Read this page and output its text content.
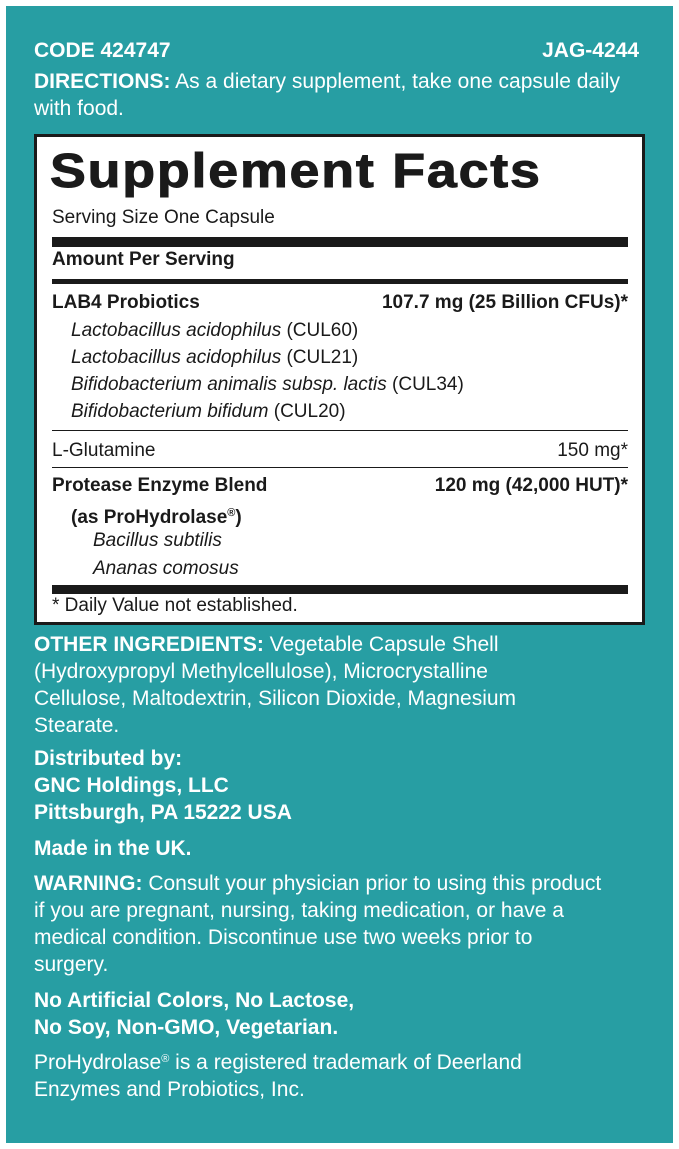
CODE 424747	JAG-4244
DIRECTIONS: As a dietary supplement, take one capsule daily with food.
Supplement Facts
Serving Size One Capsule
Amount Per Serving
LAB4 Probiotics	107.7 mg (25 Billion CFUs)*
Lactobacillus acidophilus (CUL60)
Lactobacillus acidophilus (CUL21)
Bifidobacterium animalis subsp. lactis (CUL34)
Bifidobacterium bifidum (CUL20)
L-Glutamine	150 mg*
Protease Enzyme Blend	120 mg (42,000 HUT)*
(as ProHydrolase®)
Bacillus subtilis
Ananas comosus
* Daily Value not established.
OTHER INGREDIENTS: Vegetable Capsule Shell (Hydroxypropyl Methylcellulose), Microcrystalline Cellulose, Maltodextrin, Silicon Dioxide, Magnesium Stearate.
Distributed by:
GNC Holdings, LLC
Pittsburgh, PA 15222 USA
Made in the UK.
WARNING: Consult your physician prior to using this product if you are pregnant, nursing, taking medication, or have a medical condition. Discontinue use two weeks prior to surgery.
No Artificial Colors, No Lactose,
No Soy, Non-GMO, Vegetarian.
ProHydrolase® is a registered trademark of Deerland Enzymes and Probiotics, Inc.
